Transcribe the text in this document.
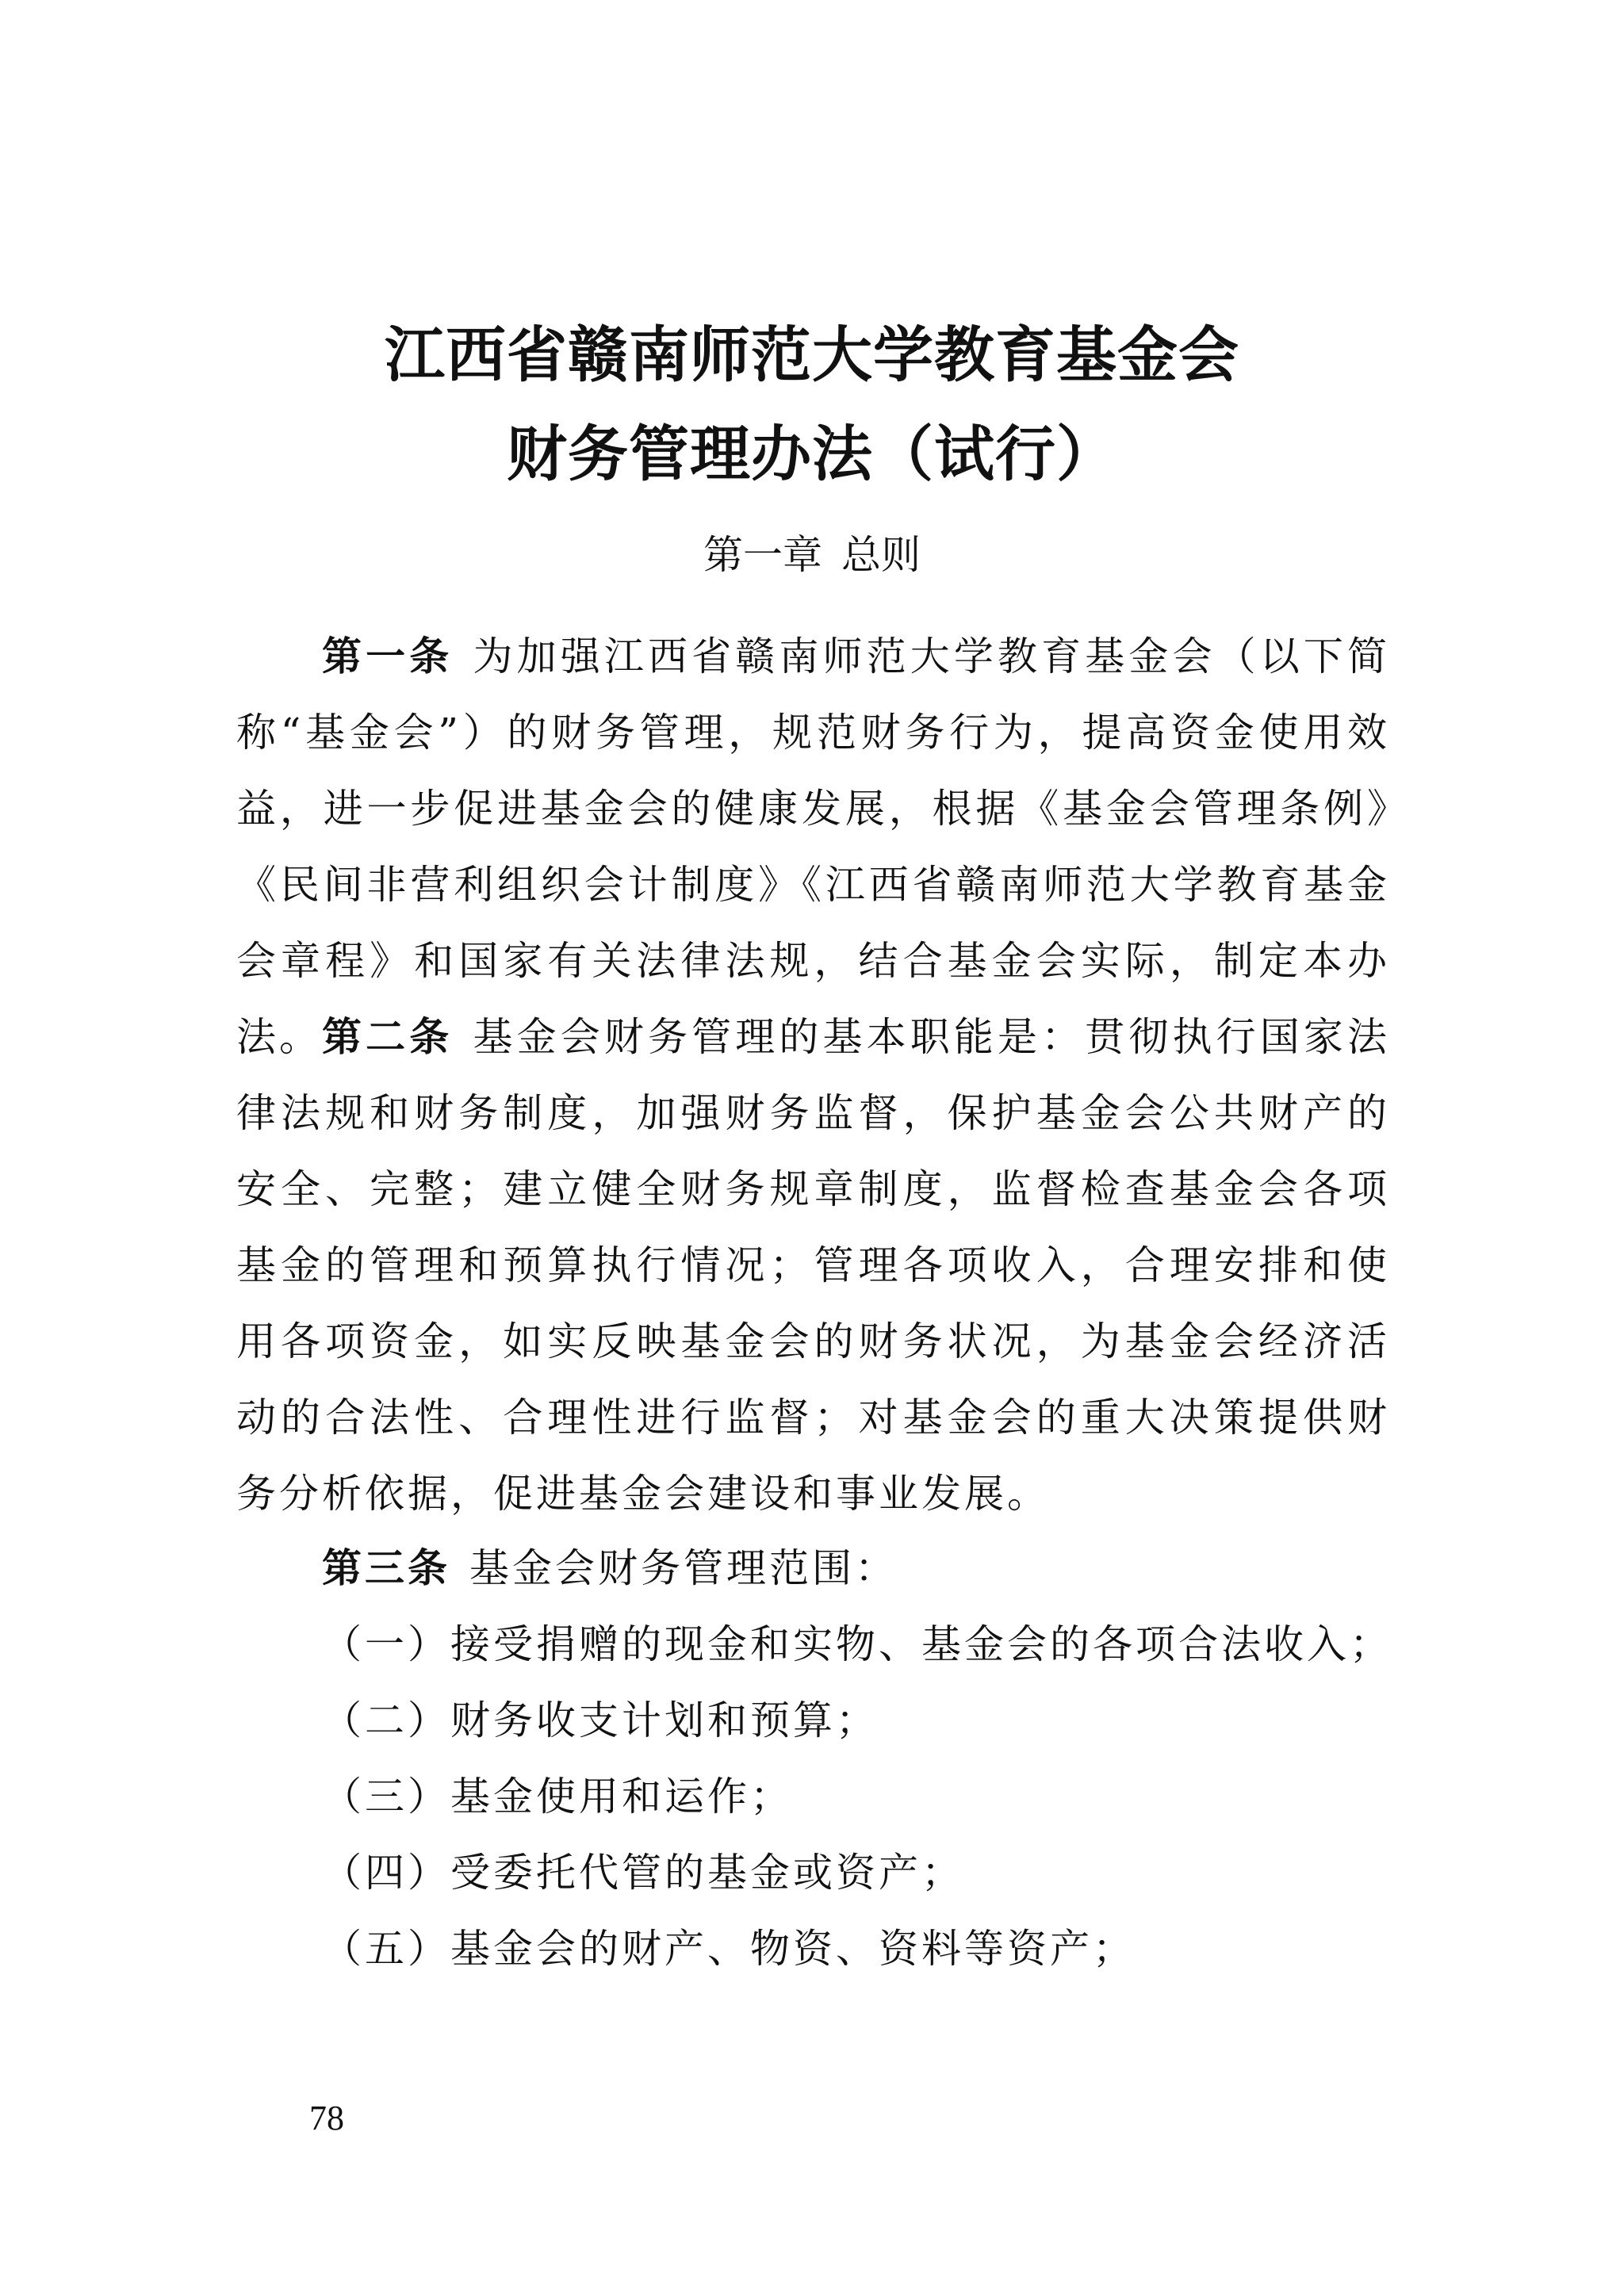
江西省赣南师范大学教育基金会
财务管理办法（试行）
第一章 总则

第一条 为加强江西省赣南师范大学教育基金会（以下简称“基金会”）的财务管理，规范财务行为，提高资金使用效益，进一步促进基金会的健康发展，根据《基金会管理条例》《民间非营利组织会计制度》《江西省赣南师范大学教育基金会章程》和国家有关法律法规，结合基金会实际，制定本办法。 第二条 基金会财务管理的基本职能是：贯彻执行国家法律法规和财务制度，加强财务监督，保护基金会公共财产的安全、完整；建立健全财务规章制度，监督检查基金会各项基金的管理和预算执行情况；管理各项收入，合理安排和使用各项资金，如实反映基金会的财务状况，为基金会经济活动的合法性、合理性进行监督；对基金会的重大决策提供财务分析依据，促进基金会建设和事业发展。

第三条 基金会财务管理范围：

（一）接受捐赠的现金和实物、基金会的各项合法收入；

（二）财务收支计划和预算；

（三）基金使用和运作；

（四）受委托代管的基金或资产；

（五）基金会的财产、物资、资料等资产；

78
